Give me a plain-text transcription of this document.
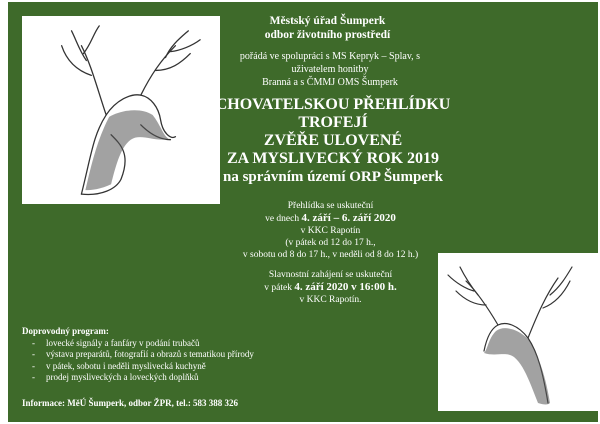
Městský úřad Šumperk
odbor životního prostředí
pořádá ve spolupráci s MS Kepryk – Splav, s uživatelem honitby
Branná a s ČMMJ OMS Šumperk
CHOVATELSKOU PŘEHLÍDKU TROFEJÍ
ZVĚŘE ULOVENÉ
ZA MYSLIVECKÝ ROK 2019
na správním území ORP Šumperk
Přehlídka se uskuteční
ve dnech 4. září – 6. září 2020
v KKC Rapotín
(v pátek od 12 do 17 h.,
v sobotu od 8 do 17 h., v neděli od 8 do 12 h.)
Slavnostní zahájení se uskuteční
v pátek 4. září 2020 v 16:00 h.
v KKC Rapotín.
Doprovodný program:
- lovecké signály a fanfáry v podání trubačů
- výstava preparátů, fotografií a obrazů s tematikou přírody
- v pátek, sobotu i neděli myslivecká kuchyně
- prodej mysliveckých a loveckých doplňků
Informace: MěÚ Šumperk, odbor ŽPR, tel.: 583 388 326
